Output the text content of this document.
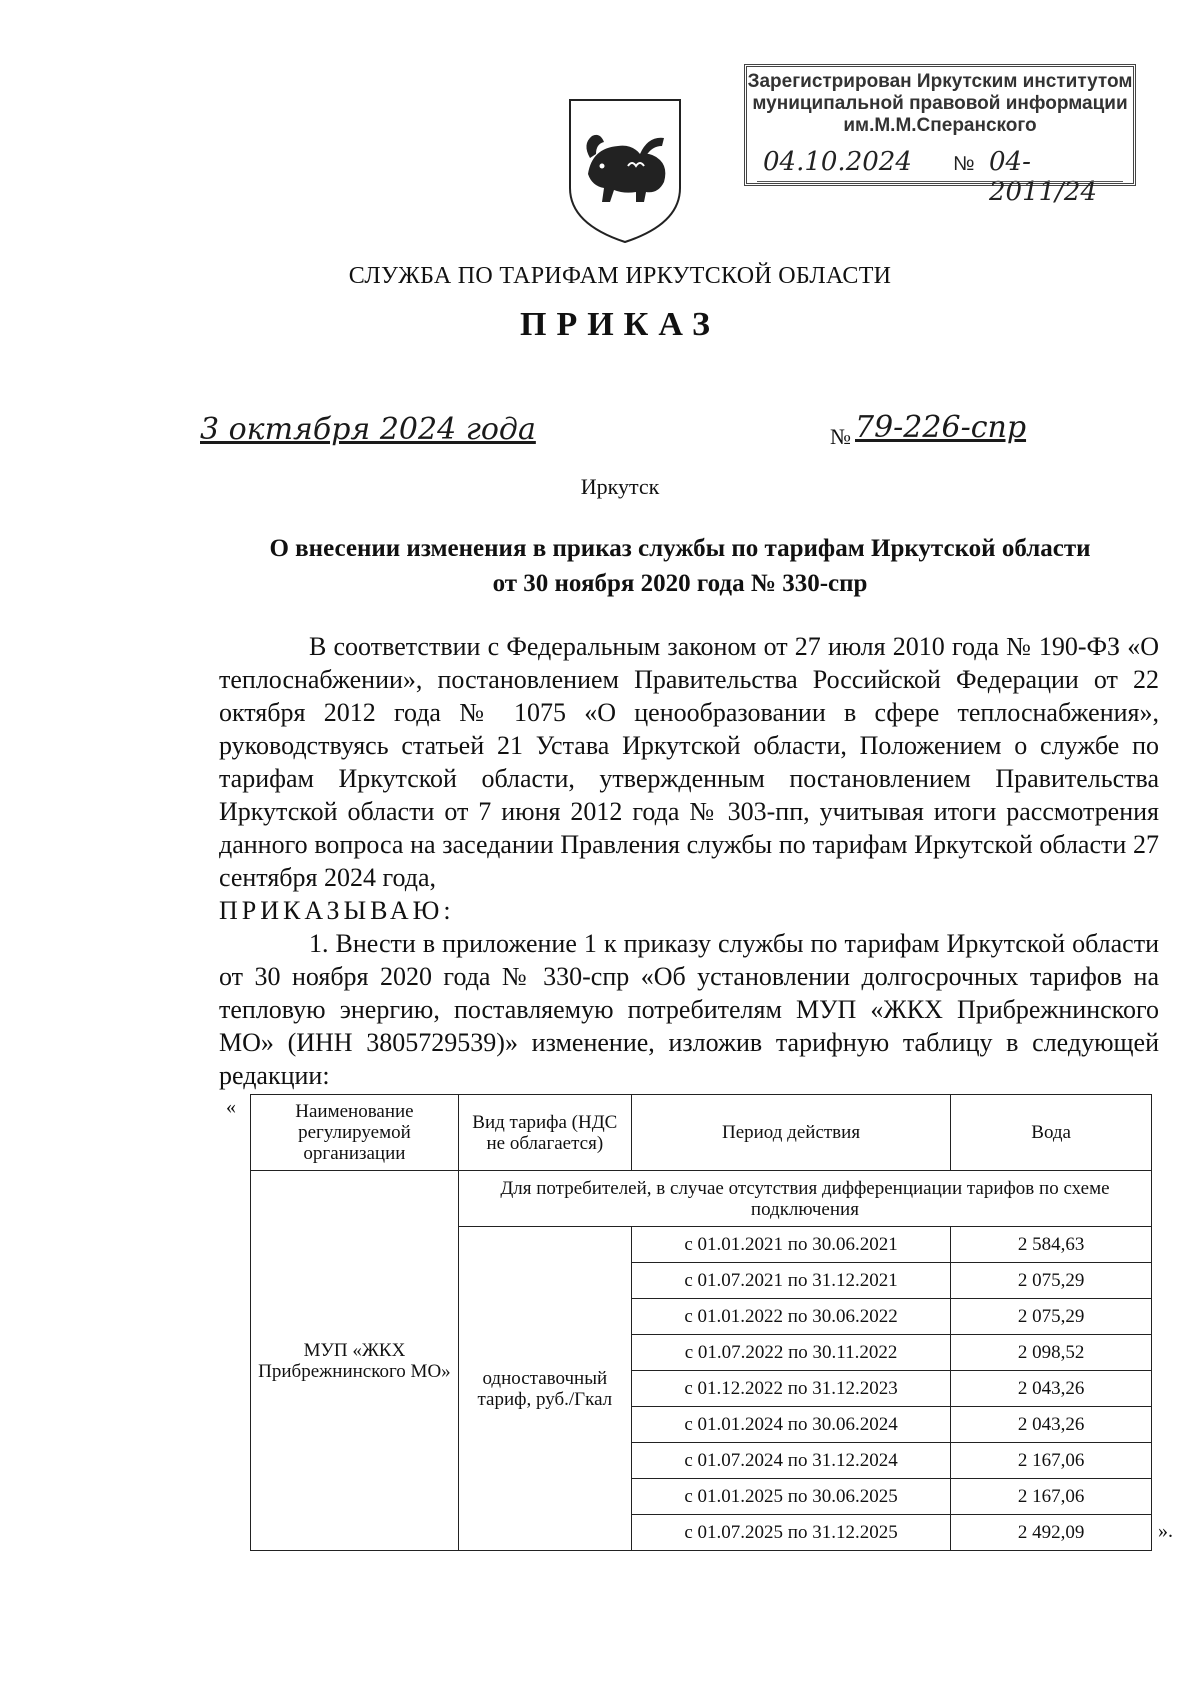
Зарегистрирован Иркутским институтом
муниципальной правовой информации
им.М.М.Сперанского
04.10.2024 № 04-2011/24
СЛУЖБА ПО ТАРИФАМ ИРКУТСКОЙ ОБЛАСТИ
ПРИКАЗ
3 октября 2024 года	№ 79-226-спр
Иркутск
О внесении изменения в приказ службы по тарифам Иркутской области
от 30 ноября 2020 года № 330-спр

В соответствии с Федеральным законом от 27 июля 2010 года № 190-ФЗ «О теплоснабжении», постановлением Правительства Российской Федерации от 22 октября 2012 года № 1075 «О ценообразовании в сфере теплоснабжения», руководствуясь статьей 21 Устава Иркутской области, Положением о службе по тарифам Иркутской области, утвержденным постановлением Правительства Иркутской области от 7 июня 2012 года № 303-пп, учитывая итоги рассмотрения данного вопроса на заседании Правления службы по тарифам Иркутской области 27 сентября 2024 года,

ПРИКАЗЫВАЮ:

1. Внести в приложение 1 к приказу службы по тарифам Иркутской области от 30 ноября 2020 года № 330-спр «Об установлении долгосрочных тарифов на тепловую энергию, поставляемую потребителям МУП «ЖКХ Прибрежнинского МО» (ИНН 3805729539)» изменение, изложив тарифную таблицу в следующей редакции:

«	Наименование регулируемой организации	Вид тарифа (НДС не облагается)	Период действия	Вода
МУП «ЖКХ Прибрежнинского МО»	Для потребителей, в случае отсутствия дифференциации тарифов по схеме подключения		
	одноставочный тариф, руб./Гкал	с 01.01.2021 по 30.06.2021	2 584,63
		с 01.07.2021 по 31.12.2021	2 075,29
		с 01.01.2022 по 30.06.2022	2 075,29
		с 01.07.2022 по 30.11.2022	2 098,52
		с 01.12.2022 по 31.12.2023	2 043,26
		с 01.01.2024 по 30.06.2024	2 043,26
		с 01.07.2024 по 31.12.2024	2 167,06
		с 01.01.2025 по 30.06.2025	2 167,06
		с 01.07.2025 по 31.12.2025	2 492,09	».
